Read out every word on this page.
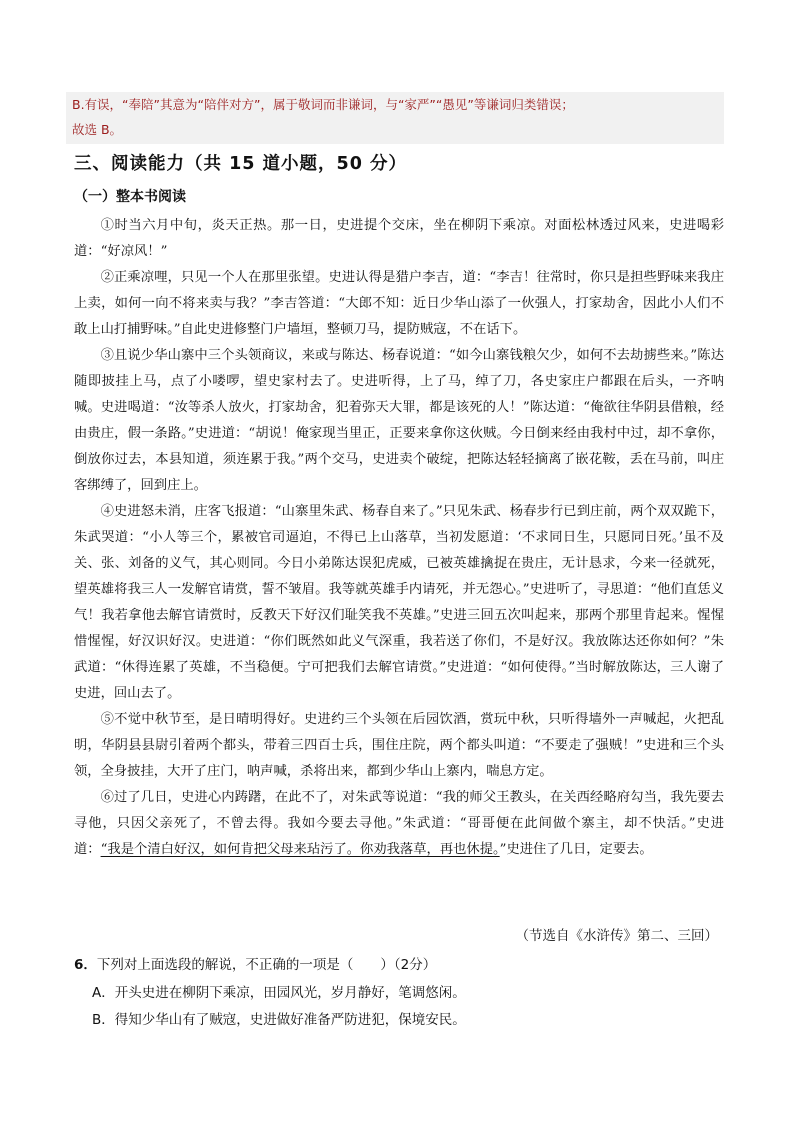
B.有误，“奉陪”其意为“陪伴对方”，属于敬词而非谦词，与“家严”“愚见”等谦词归类错误；
故选 B。
三、阅读能力（共 15 道小题，50 分）
（一）整本书阅读

①时当六月中旬，炎天正热。那一日，史进提个交床，坐在柳阴下乘凉。对面松林透过风来，史进喝彩道：“好凉风！”

②正乘凉哩，只见一个人在那里张望。史进认得是猎户李吉，道：“李吉！往常时，你只是担些野味来我庄上卖，如何一向不将来卖与我？”李吉答道：“大郎不知：近日少华山添了一伙强人，打家劫舍，因此小人们不敢上山打捕野味。”自此史进修整门户墙垣，整顿刀马，提防贼寇，不在话下。

③且说少华山寨中三个头领商议，来或与陈达、杨春说道：“如今山寨钱粮欠少，如何不去劫掳些来。”陈达随即披挂上马，点了小喽啰，望史家村去了。史进听得，上了马，绰了刀，各史家庄户都跟在后头，一齐呐喊。史进喝道：“汝等杀人放火，打家劫舍，犯着弥天大罪，都是该死的人！”陈达道：“俺欲往华阴县借粮，经由贵庄，假一条路。”史进道：“胡说！俺家现当里正，正要来拿你这伙贼。今日倒来经由我村中过，却不拿你，倒放你过去，本县知道，须连累于我。”两个交马，史进卖个破绽，把陈达轻轻摘离了嵌花鞍，丢在马前，叫庄客绑缚了，回到庄上。

④史进怒未消，庄客飞报道：“山寨里朱武、杨春自来了。”只见朱武、杨春步行已到庄前，两个双双跪下，朱武哭道：“小人等三个，累被官司逼迫，不得已上山落草，当初发愿道：‘不求同日生，只愿同日死。’虽不及关、张、刘备的义气，其心则同。今日小弟陈达误犯虎威，已被英雄擒捉在贵庄，无计恳求，今来一径就死，望英雄将我三人一发解官请赏，誓不皱眉。我等就英雄手内请死，并无怨心。”史进听了，寻思道：“他们直恁义气！我若拿他去解官请赏时，反教天下好汉们耻笑我不英雄。”史进三回五次叫起来，那两个那里肯起来。惺惺惜惺惺，好汉识好汉。史进道：“你们既然如此义气深重，我若送了你们，不是好汉。我放陈达还你如何？”朱武道：“休得连累了英雄，不当稳便。宁可把我们去解官请赏。”史进道：“如何使得。”当时解放陈达，三人谢了史进，回山去了。

⑤不觉中秋节至，是日晴明得好。史进约三个头领在后园饮酒，赏玩中秋，只听得墙外一声喊起，火把乱明，华阴县县尉引着两个都头，带着三四百士兵，围住庄院，两个都头叫道：“不要走了强贼！”史进和三个头领，全身披挂，大开了庄门，呐声喊，杀将出来，都到少华山上寨内，喘息方定。

⑥过了几日，史进心内踌躇，在此不了，对朱武等说道：“我的师父王教头，在关西经略府勾当，我先要去寻他，只因父亲死了，不曾去得。我如今要去寻他。”朱武道：“哥哥便在此间做个寨主，却不快活。”史进道：“我是个清白好汉，如何肯把父母来玷污了。你劝我落草，再也休提。”史进住了几日，定要去。

（节选自《水浒传》第二、三回）
6．下列对上面选段的解说，不正确的一项是（　　）（2分）
A．开头史进在柳阴下乘凉，田园风光，岁月静好，笔调悠闲。
B．得知少华山有了贼寇，史进做好准备严防进犯，保境安民。
